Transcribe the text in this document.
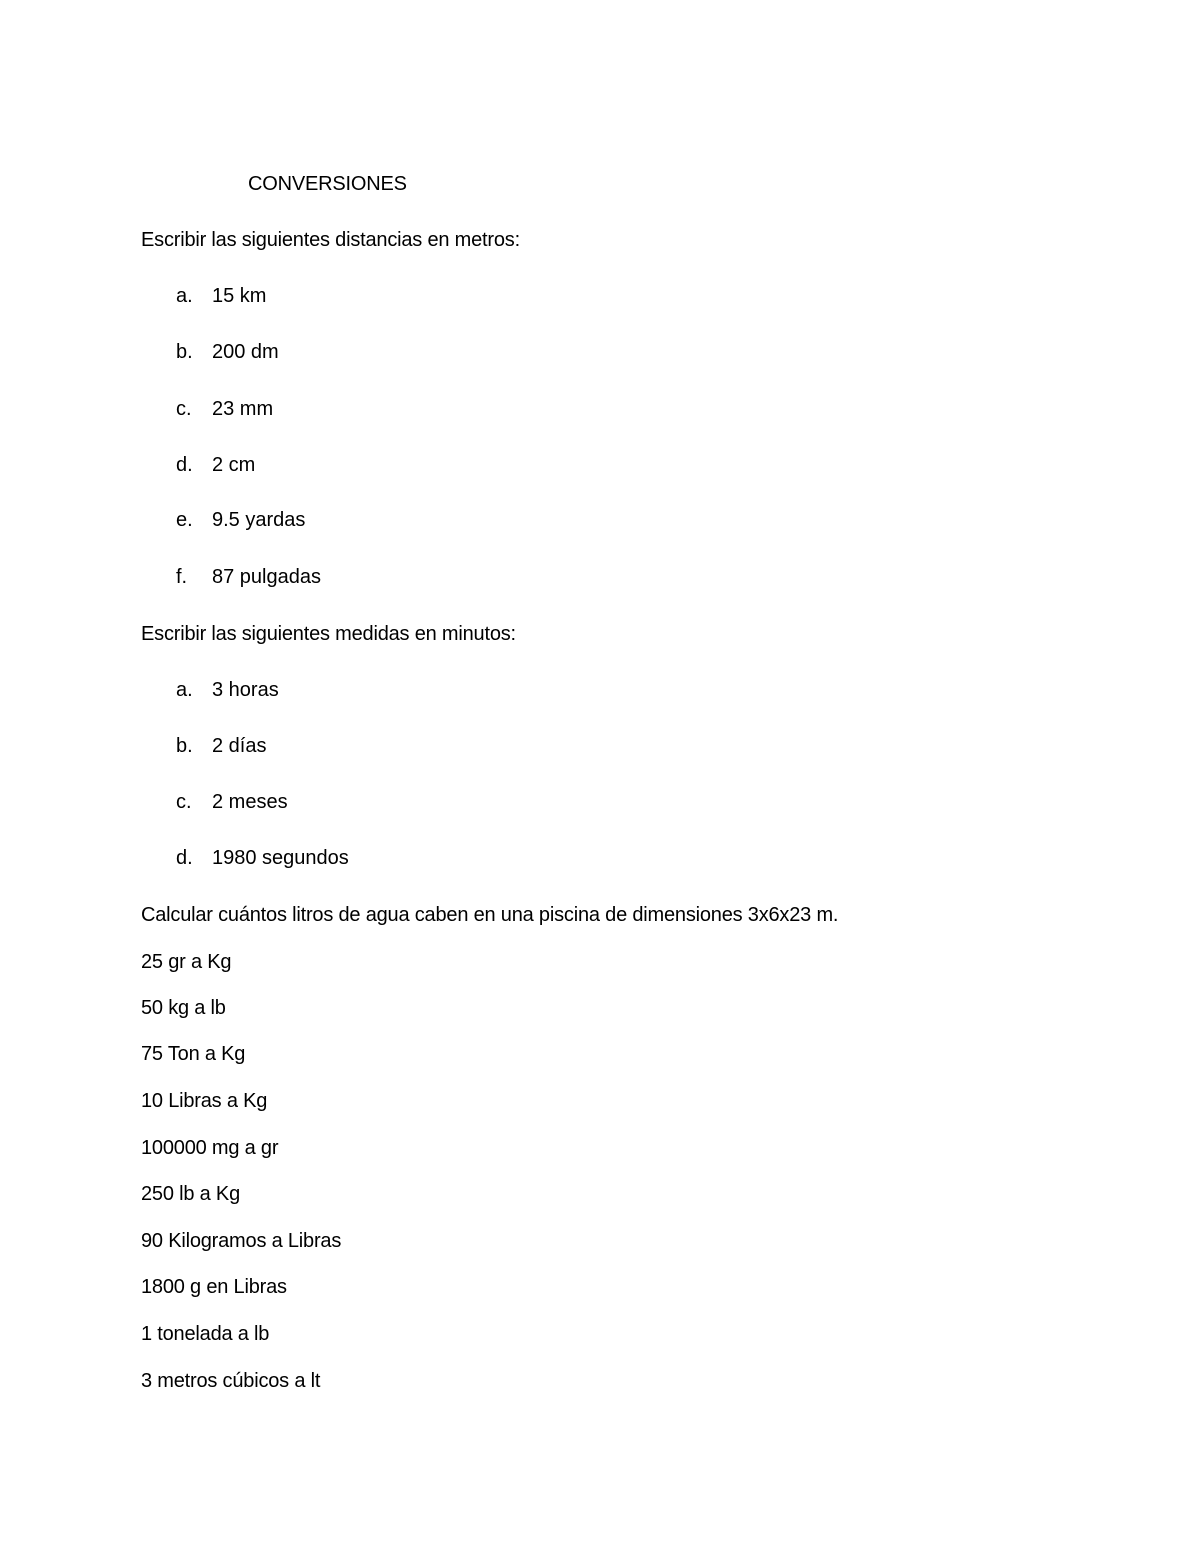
CONVERSIONES
Escribir las siguientes distancias en metros:
a. 15 km
b. 200 dm
c. 23 mm
d. 2 cm
e. 9.5 yardas
f. 87 pulgadas
Escribir las siguientes medidas en minutos:
a. 3 horas
b. 2 días
c. 2 meses
d. 1980 segundos
Calcular cuántos litros de agua caben en una piscina de dimensiones 3x6x23 m.
25 gr a Kg
50 kg a lb
75 Ton a Kg
10 Libras a Kg
100000 mg a gr
250 lb a Kg
90 Kilogramos a Libras
1800 g en Libras
1 tonelada a lb
3 metros cúbicos a lt
